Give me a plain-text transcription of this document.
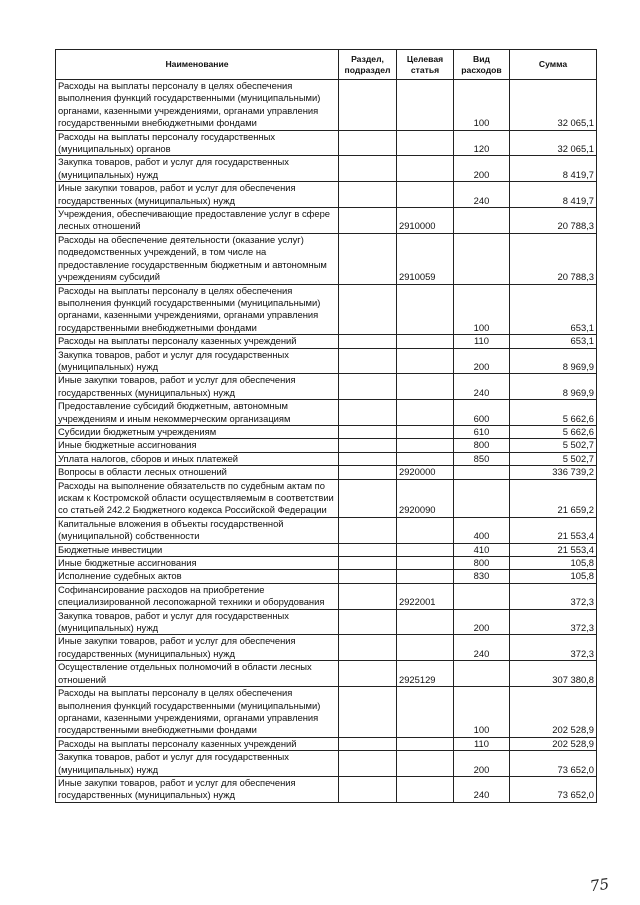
Наименование	Раздел, подраздел	Целевая статья	Вид расходов	Сумма
Расходы на выплаты персоналу в целях обеспечения выполнения функций государственными (муниципальными) органами, казенными учреждениями, органами управления государственными внебюджетными фондами			100	32 065,1
Расходы на выплаты персоналу государственных (муниципальных) органов			120	32 065,1
Закупка товаров, работ и услуг для государственных (муниципальных) нужд			200	8 419,7
Иные закупки товаров, работ и услуг для обеспечения государственных (муниципальных) нужд			240	8 419,7
Учреждения, обеспечивающие предоставление услуг в сфере лесных отношений		2910000		20 788,3
Расходы на обеспечение деятельности (оказание услуг) подведомственных учреждений, в том числе на предоставление государственным бюджетным и автономным учреждениям субсидий		2910059		20 788,3
Расходы на выплаты персоналу в целях обеспечения выполнения функций государственными (муниципальными) органами, казенными учреждениями, органами управления государственными внебюджетными фондами			100	653,1
Расходы на выплаты персоналу казенных учреждений			110	653,1
Закупка товаров, работ и услуг для государственных (муниципальных) нужд			200	8 969,9
Иные закупки товаров, работ и услуг для обеспечения государственных (муниципальных) нужд			240	8 969,9
Предоставление субсидий бюджетным, автономным учреждениям и иным некоммерческим организациям			600	5 662,6
Субсидии бюджетным учреждениям			610	5 662,6
Иные бюджетные ассигнования			800	5 502,7
Уплата налогов, сборов и иных платежей			850	5 502,7
Вопросы в области лесных отношений		2920000		336 739,2
Расходы на выполнение обязательств по судебным актам по искам к Костромской области осуществляемым в соответствии со статьей 242.2 Бюджетного кодекса Российской Федерации		2920090		21 659,2
Капитальные вложения в объекты государственной (муниципальной) собственности			400	21 553,4
Бюджетные инвестиции			410	21 553,4
Иные бюджетные ассигнования			800	105,8
Исполнение судебных актов			830	105,8
Софинансирование расходов на приобретение специализированной лесопожарной техники и оборудования		2922001		372,3
Закупка товаров, работ и услуг для государственных (муниципальных) нужд			200	372,3
Иные закупки товаров, работ и услуг для обеспечения государственных (муниципальных) нужд			240	372,3
Осуществление отдельных полномочий в области лесных отношений		2925129		307 380,8
Расходы на выплаты персоналу в целях обеспечения выполнения функций государственными (муниципальными) органами, казенными учреждениями, органами управления государственными внебюджетными фондами			100	202 528,9
Расходы на выплаты персоналу казенных учреждений			110	202 528,9
Закупка товаров, работ и услуг для государственных (муниципальных) нужд			200	73 652,0
Иные закупки товаров, работ и услуг для обеспечения государственных (муниципальных) нужд			240	73 652,0
75
